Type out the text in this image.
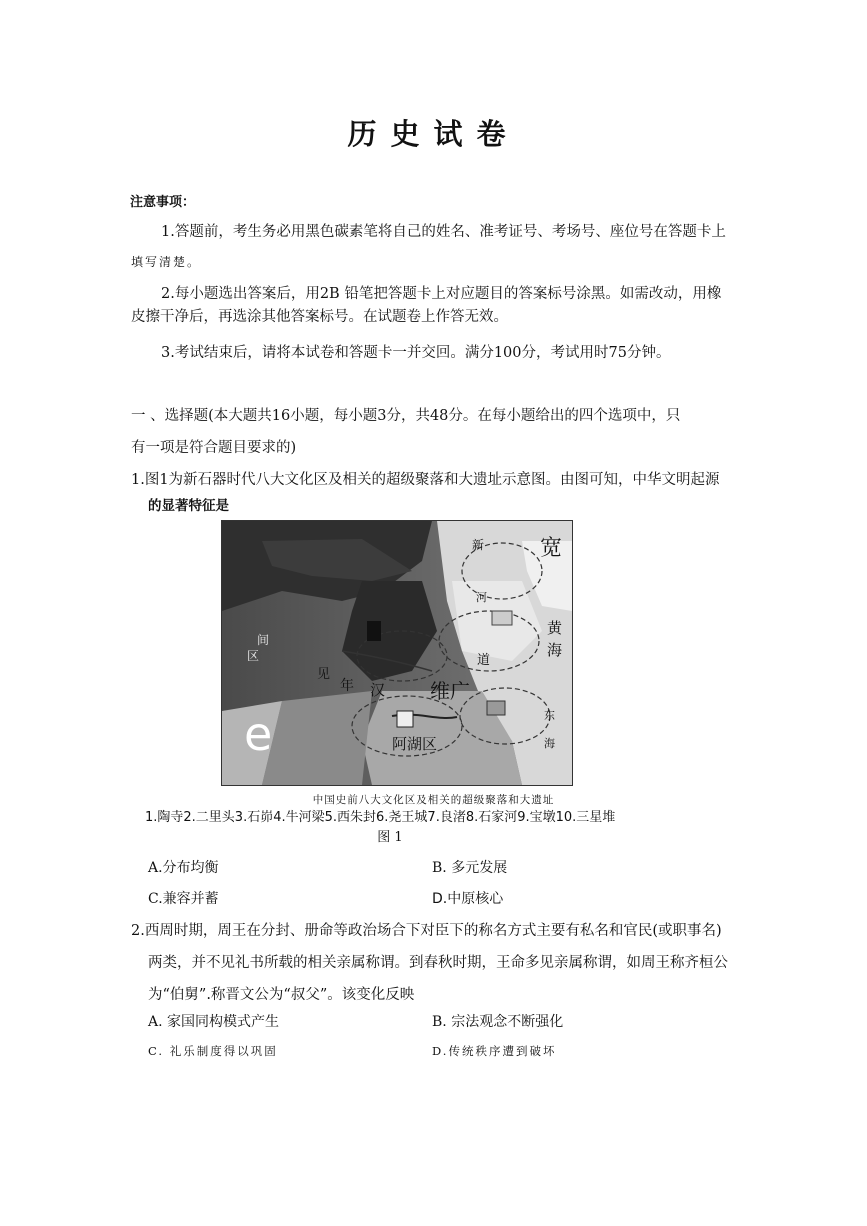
历史试卷
注意事项：
1.答题前，考生务必用黑色碳素笔将自己的姓名、准考证号、考场号、座位号在答题卡上
填写清楚。
2.每小题选出答案后，用2B 铅笔把答题卡上对应题目的答案标号涂黑。如需改动，用橡
皮擦干净后，再选涂其他答案标号。在试题卷上作答无效。
3.考试结束后，请将本试卷和答题卡一并交回。满分100分，考试用时75分钟。
一 、选择题(本大题共16小题，每小题3分，共48分。在每小题给出的四个选项中，只
有一项是符合题目要求的)
1.图1为新石器时代八大文化区及相关的超级聚落和大遗址示意图。由图可知，中华文明起源
的显著特征是
宽
新
河
黄
海
道
间
区
见
年 汉 维广
东
海
阿湖区
e
中国史前八大文化区及相关的超级聚落和大遗址
1.陶寺2.二里头3.石峁4.牛河梁5.西朱封6.尧王城7.良渚8.石家河9.宝墩10.三星堆
图 1
A.分布均衡	B. 多元发展
C.兼容并蓄	D.中原核心
2.西周时期，周王在分封、册命等政治场合下对臣下的称名方式主要有私名和官民(或职事名)
两类，并不见礼书所载的相关亲属称谓。到春秋时期，王命多见亲属称谓，如周王称齐桓公
为“伯舅”.称晋文公为“叔父”。该变化反映
A. 家国同构模式产生	B. 宗法观念不断强化
C. 礼乐制度得以巩固	D.传统秩序遭到破坏
